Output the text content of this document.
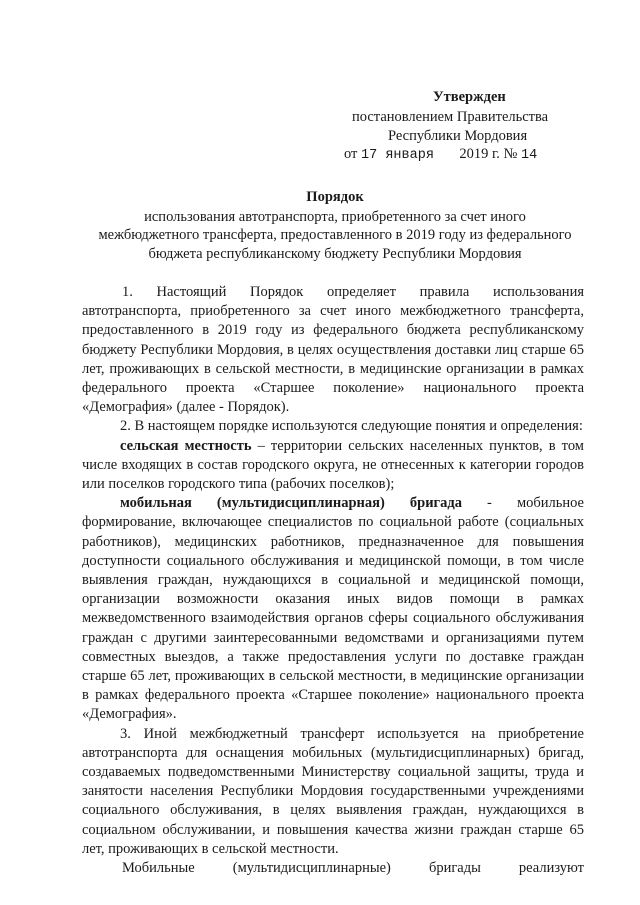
Утвержден
постановлением Правительства
Республики Мордовия
от 17 января 2019 г. № 14
Порядок
использования автотранспорта, приобретенного за счет иного
межбюджетного трансферта, предоставленного в 2019 году из федерального
бюджета республиканскому бюджету Республики Мордовия

1. Настоящий Порядок определяет правила использования автотранспорта, приобретенного за счет иного межбюджетного трансферта, предоставленного в 2019 году из федерального бюджета республиканскому бюджету Республики Мордовия, в целях осуществления доставки лиц старше 65 лет, проживающих в сельской местности, в медицинские организации в рамках федерального проекта «Старшее поколение» национального проекта «Демография» (далее - Порядок).

2. В настоящем порядке используются следующие понятия и определения:

сельская местность – территории сельских населенных пунктов, в том числе входящих в состав городского округа, не отнесенных к категории городов или поселков городского типа (рабочих поселков);

мобильная (мультидисциплинарная) бригада - мобильное формирование, включающее специалистов по социальной работе (социальных работников), медицинских работников, предназначенное для повышения доступности социального обслуживания и медицинской помощи, в том числе выявления граждан, нуждающихся в социальной и медицинской помощи, организации возможности оказания иных видов помощи в рамках межведомственного взаимодействия органов сферы социального обслуживания граждан с другими заинтересованными ведомствами и организациями путем совместных выездов, а также предоставления услуги по доставке граждан старше 65 лет, проживающих в сельской местности, в медицинские организации в рамках федерального проекта «Старшее поколение» национального проекта «Демография».

3. Иной межбюджетный трансферт используется на приобретение автотранспорта для оснащения мобильных (мультидисциплинарных) бригад, создаваемых подведомственными Министерству социальной защиты, труда и занятости населения Республики Мордовия государственными учреждениями социального обслуживания, в целях выявления граждан, нуждающихся в социальном обслуживании, и повышения качества жизни граждан старше 65 лет, проживающих в сельской местности.

Мобильные (мультидисциплинарные) бригады реализуют
